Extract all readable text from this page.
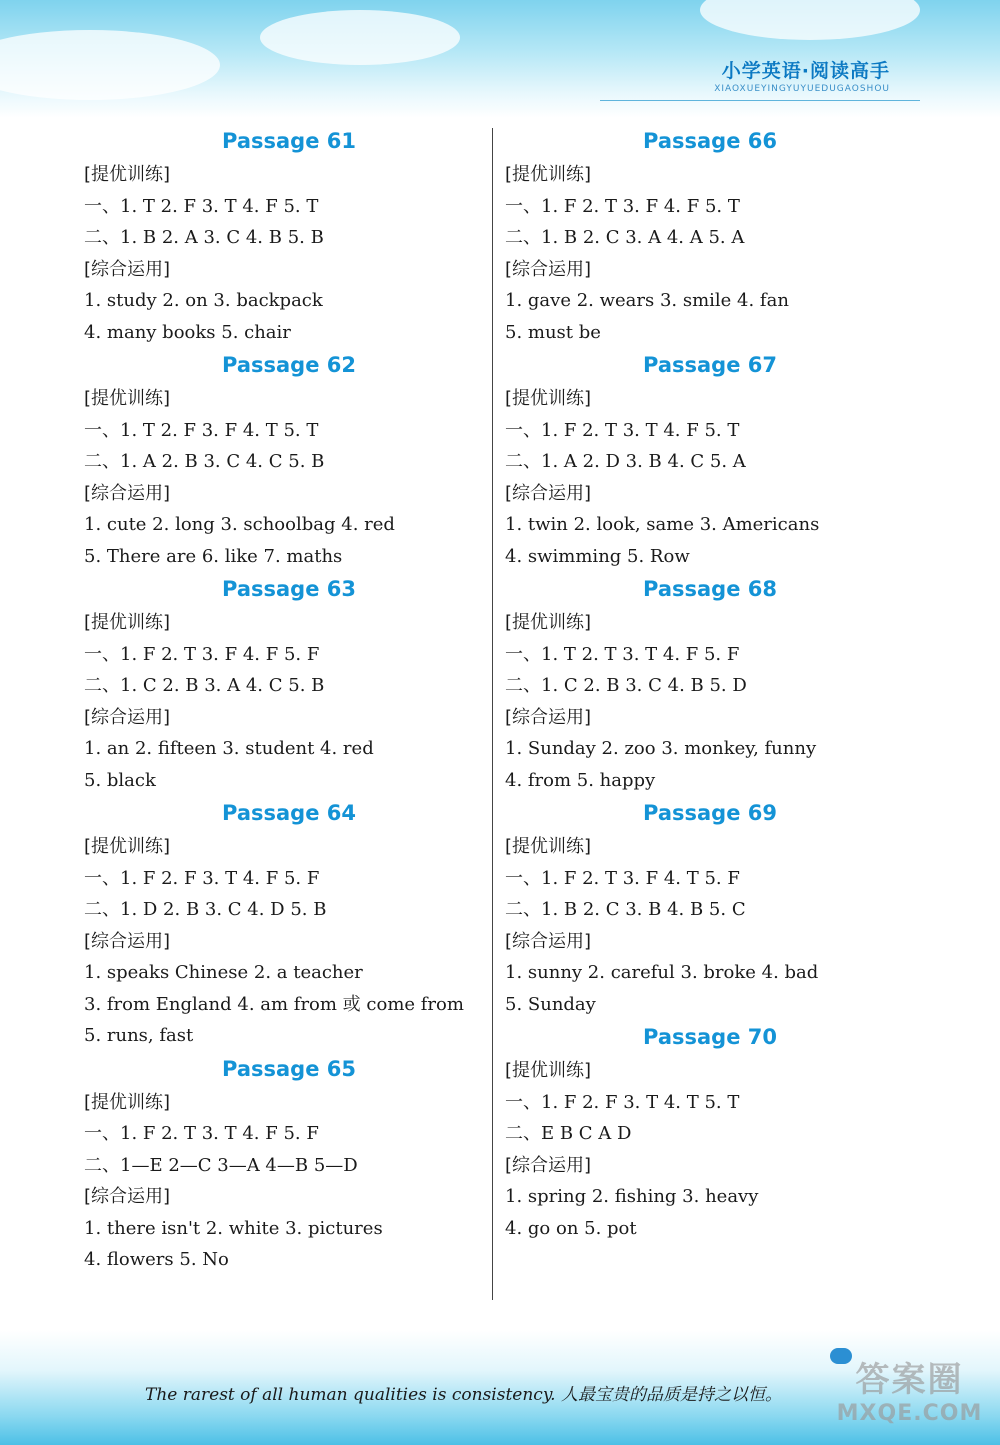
小学英语·阅读高手
XIAOXUEYINGYUYUEDUGAOSHOU
Passage 61
[提优训练]
一、1. T 2. F 3. T 4. F 5. T
二、1. B 2. A 3. C 4. B 5. B
[综合运用]
1. study 2. on 3. backpack
4. many books 5. chair
Passage 62
[提优训练]
一、1. T 2. F 3. F 4. T 5. T
二、1. A 2. B 3. C 4. C 5. B
[综合运用]
1. cute 2. long 3. schoolbag 4. red
5. There are 6. like 7. maths
Passage 63
[提优训练]
一、1. F 2. T 3. F 4. F 5. F
二、1. C 2. B 3. A 4. C 5. B
[综合运用]
1. an 2. fifteen 3. student 4. red
5. black
Passage 64
[提优训练]
一、1. F 2. F 3. T 4. F 5. F
二、1. D 2. B 3. C 4. D 5. B
[综合运用]
1. speaks Chinese 2. a teacher
3. from England 4. am from 或 come from
5. runs, fast
Passage 65
[提优训练]
一、1. F 2. T 3. T 4. F 5. F
二、1—E 2—C 3—A 4—B 5—D
[综合运用]
1. there isn't 2. white 3. pictures
4. flowers 5. No
Passage 66
[提优训练]
一、1. F 2. T 3. F 4. F 5. T
二、1. B 2. C 3. A 4. A 5. A
[综合运用]
1. gave 2. wears 3. smile 4. fan
5. must be
Passage 67
[提优训练]
一、1. F 2. T 3. T 4. F 5. T
二、1. A 2. D 3. B 4. C 5. A
[综合运用]
1. twin 2. look, same 3. Americans
4. swimming 5. Row
Passage 68
[提优训练]
一、1. T 2. T 3. T 4. F 5. F
二、1. C 2. B 3. C 4. B 5. D
[综合运用]
1. Sunday 2. zoo 3. monkey, funny
4. from 5. happy
Passage 69
[提优训练]
一、1. F 2. T 3. F 4. T 5. F
二、1. B 2. C 3. B 4. B 5. C
[综合运用]
1. sunny 2. careful 3. broke 4. bad
5. Sunday
Passage 70
[提优训练]
一、1. F 2. F 3. T 4. T 5. T
二、E B C A D
[综合运用]
1. spring 2. fishing 3. heavy
4. go on 5. pot
The rarest of all human qualities is consistency. 人最宝贵的品质是持之以恒。	答案圈
MXQE.COM
